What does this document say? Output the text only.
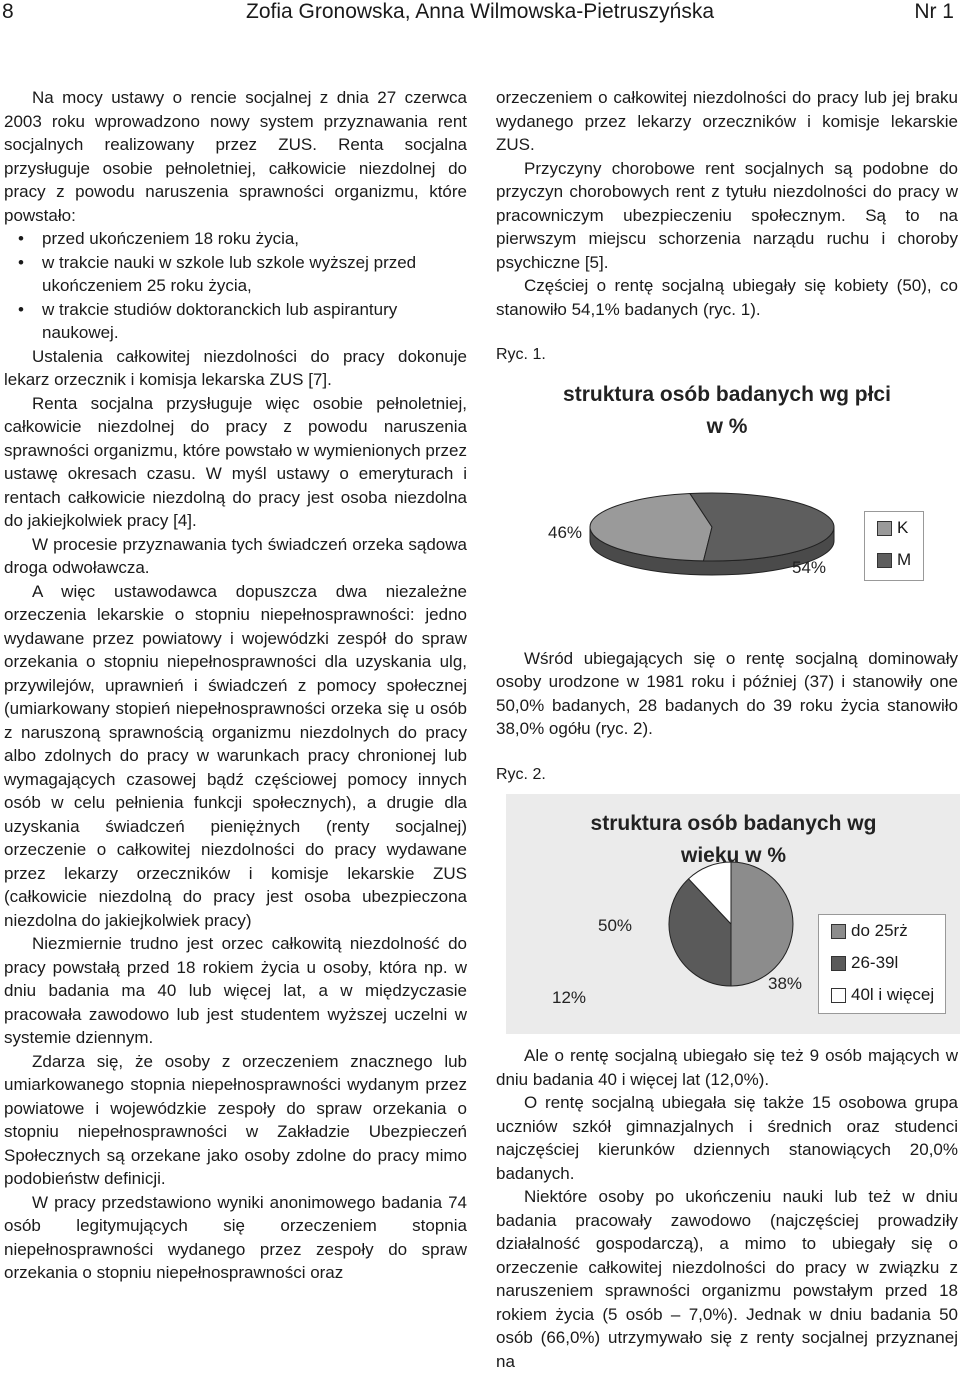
8	Zofia Gronowska, Anna Wilmowska-Pietruszyńska	Nr 1

Na mocy ustawy o rencie socjalnej z dnia 27 czerwca 2003 roku wprowadzono nowy system przyznawania rent socjalnych realizowany przez ZUS. Renta socjalna przysługuje osobie pełnoletniej, całkowicie niezdolnej do pracy z powodu naruszenia sprawności organizmu, które powstało:

• przed ukończeniem 18 roku życia,
• w trakcie nauki w szkole lub szkole wyższej przed ukończeniem 25 roku życia,
• w trakcie studiów doktoranckich lub aspirantury naukowej.

Ustalenia całkowitej niezdolności do pracy dokonuje lekarz orzecznik i komisja lekarska ZUS [7].

Renta socjalna przysługuje więc osobie pełnoletniej, całkowicie niezdolnej do pracy z powodu naruszenia sprawności organizmu, które powstało w wymienionych przez ustawę okresach czasu. W myśl ustawy o emeryturach i rentach całkowicie niezdolną do pracy jest osoba niezdolna do jakiejkolwiek pracy [4].

W procesie przyznawania tych świadczeń orzeka sądowa droga odwoławcza.

A więc ustawodawca dopuszcza dwa niezależne orzeczenia lekarskie o stopniu niepełnosprawności: jedno wydawane przez powiatowy i wojewódzki zespół do spraw orzekania o stopniu niepełnosprawności dla uzyskania ulg, przywilejów, uprawnień i świadczeń z pomocy społecznej (umiarkowany stopień niepełnosprawności orzeka się u osób z naruszoną sprawnością organizmu niezdolnych do pracy albo zdolnych do pracy w warunkach pracy chronionej lub wymagających czasowej bądź częściowej pomocy innych osób w celu pełnienia funkcji społecznych), a drugie dla uzyskania świadczeń pieniężnych (renty socjalnej) orzeczenie o całkowitej niezdolności do pracy wydawane przez lekarzy orzeczników i komisje lekarskie ZUS (całkowicie niezdolną do pracy jest osoba ubezpieczona niezdolna do jakiejkolwiek pracy)

Niezmiernie trudno jest orzec całkowitą niezdolność do pracy powstałą przed 18 rokiem życia u osoby, która np. w dniu badania ma 40 lub więcej lat, a w międzyczasie pracowała zawodowo lub jest studentem wyższej uczelni w systemie dziennym.

Zdarza się, że osoby z orzeczeniem znacznego lub umiarkowanego stopnia niepełnosprawności wydanym przez powiatowe i wojewódzkie zespoły do spraw orzekania o stopniu niepełnosprawności w Zakładzie Ubezpieczeń Społecznych są orzekane jako osoby zdolne do pracy mimo podobieństw definicji.

W pracy przedstawiono wyniki anonimowego badania 74 osób legitymujących się orzeczeniem stopnia niepełnosprawności wydanego przez zespoły do spraw orzekania o stopniu niepełnosprawności oraz

orzeczeniem o całkowitej niezdolności do pracy lub jej braku wydanego przez lekarzy orzeczników i komisje lekarskie ZUS.

Przyczyny chorobowe rent socjalnych są podobne do przyczyn chorobowych rent z tytułu niezdolności do pracy w pracowniczym ubezpieczeniu społecznym. Są to na pierwszym miejscu schorzenia narządu ruchu i choroby psychiczne [5].

Częściej o rentę socjalną ubiegały się kobiety (50), co stanowiło 54,1% badanych (ryc. 1).

Ryc. 1.
struktura osób badanych wg płci
w %
46%
54%
K
M

Wśród ubiegających się o rentę socjalną dominowały osoby urodzone w 1981 roku i później (37) i stanowiły one 50,0% badanych, 28 badanych do 39 roku życia stanowiło 38,0% ogółu (ryc. 2).

Ryc. 2.
struktura osób badanych wg
wieku w %
50%
38%
12%
do 25rż
26-39l
40l i więcej

Ale o rentę socjalną ubiegało się też 9 osób mających w dniu badania 40 i więcej lat (12,0%).

O rentę socjalną ubiegała się także 15 osobowa grupa uczniów szkół gimnazjalnych i średnich oraz studenci najczęściej kierunków dziennych stanowiących 20,0% badanych.

Niektóre osoby po ukończeniu nauki lub też w dniu badania pracowały zawodowo (najczęściej prowadziły działalność gospodarczą), a mimo to ubiegały się o orzeczenie całkowitej niezdolności do pracy w związku z naruszeniem sprawności organizmu powstałym przed 18 rokiem życia (5 osób – 7,0%). Jednak w dniu badania 50 osób (66,0%) utrzymywało się z renty socjalnej przyznanej na
